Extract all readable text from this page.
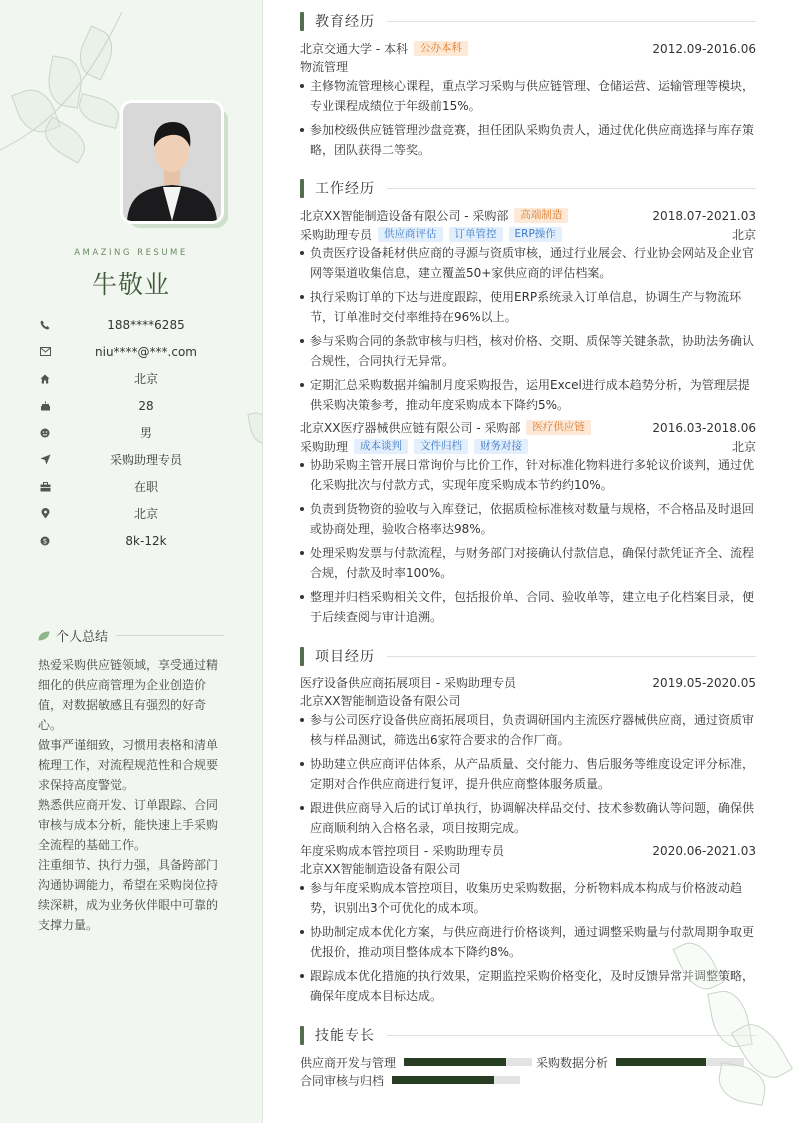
AMAZING RESUME
牛敬业
188****6285
niu****@***.com
北京
28
男
采购助理专员
在职
北京
$	8k-12k
个人总结

热爱采购供应链领域，享受通过精细化的供应商管理为企业创造价值，对数据敏感且有强烈的好奇心。

做事严谨细致，习惯用表格和清单梳理工作，对流程规范性和合规要求保持高度警觉。

熟悉供应商开发、订单跟踪、合同审核与成本分析，能快速上手采购全流程的基础工作。

注重细节、执行力强，具备跨部门沟通协调能力，希望在采购岗位持续深耕，成为业务伙伴眼中可靠的支撑力量。

教育经历
北京交通大学 - 本科	公办本科	2012.09-2016.06
物流管理
主修物流管理核心课程，重点学习采购与供应链管理、仓储运营、运输管理等模块，专业课程成绩位于年级前15%。
参加校级供应链管理沙盘竞赛，担任团队采购负责人，通过优化供应商选择与库存策略，团队获得二等奖。
工作经历
北京XX智能制造设备有限公司 - 采购部	高端制造	2018.07-2021.03
采购助理专员	供应商评估	订单管控	ERP操作	北京
负责医疗设备耗材供应商的寻源与资质审核，通过行业展会、行业协会网站及企业官网等渠道收集信息，建立覆盖50+家供应商的评估档案。
执行采购订单的下达与进度跟踪，使用ERP系统录入订单信息，协调生产与物流环节，订单准时交付率维持在96%以上。
参与采购合同的条款审核与归档，核对价格、交期、质保等关键条款，协助法务确认合规性，合同执行无异常。
定期汇总采购数据并编制月度采购报告，运用Excel进行成本趋势分析，为管理层提供采购决策参考，推动年度采购成本下降约5%。
北京XX医疗器械供应链有限公司 - 采购部	医疗供应链	2016.03-2018.06
采购助理	成本谈判	文件归档	财务对接	北京
协助采购主管开展日常询价与比价工作，针对标准化物料进行多轮议价谈判，通过优化采购批次与付款方式，实现年度采购成本节约约10%。
负责到货物资的验收与入库登记，依据质检标准核对数量与规格，不合格品及时退回或协商处理，验收合格率达98%。
处理采购发票与付款流程，与财务部门对接确认付款信息，确保付款凭证齐全、流程合规，付款及时率100%。
整理并归档采购相关文件，包括报价单、合同、验收单等，建立电子化档案目录，便于后续查阅与审计追溯。
项目经历
医疗设备供应商拓展项目 - 采购助理专员	2019.05-2020.05
北京XX智能制造设备有限公司
参与公司医疗设备供应商拓展项目，负责调研国内主流医疗器械供应商，通过资质审核与样品测试，筛选出6家符合要求的合作厂商。
协助建立供应商评估体系，从产品质量、交付能力、售后服务等维度设定评分标准，定期对合作供应商进行复评，提升供应商整体服务质量。
跟进供应商导入后的试订单执行，协调解决样品交付、技术参数确认等问题，确保供应商顺利纳入合格名录，项目按期完成。
年度采购成本管控项目 - 采购助理专员	2020.06-2021.03
北京XX智能制造设备有限公司
参与年度采购成本管控项目，收集历史采购数据，分析物料成本构成与价格波动趋势，识别出3个可优化的成本项。
协助制定成本优化方案，与供应商进行价格谈判，通过调整采购量与付款周期争取更优报价，推动项目整体成本下降约8%。
跟踪成本优化措施的执行效果，定期监控采购价格变化，及时反馈异常并调整策略，确保年度成本目标达成。
技能专长
供应商开发与管理	采购数据分析
合同审核与归档
